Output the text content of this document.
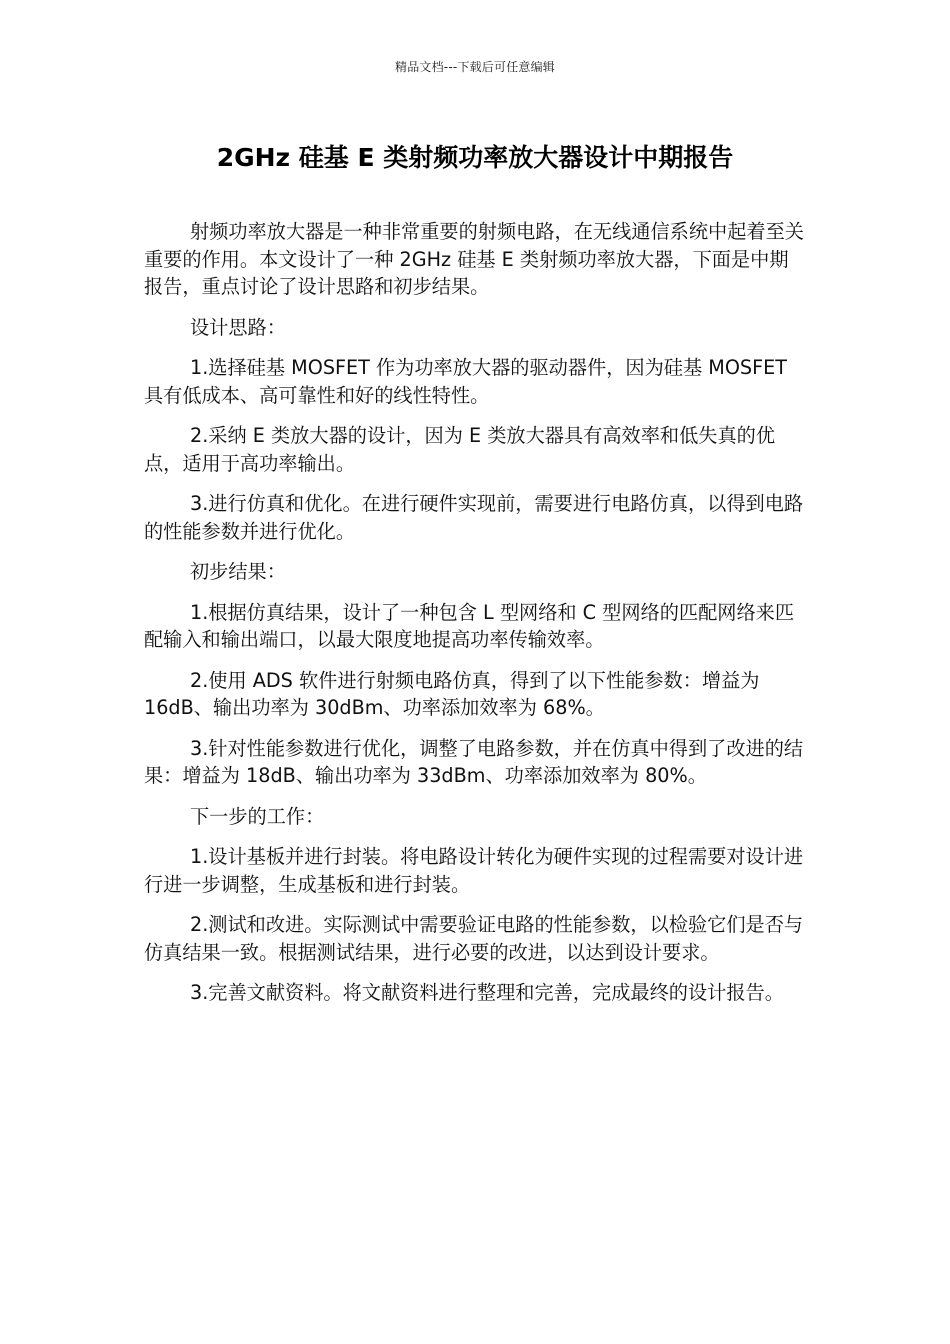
精品文档---下载后可任意编辑
2GHz 硅基 E 类射频功率放大器设计中期报告

射频功率放大器是一种非常重要的射频电路，在无线通信系统中起着至关重要的作用。本文设计了一种 2GHz 硅基 E 类射频功率放大器，下面是中期报告，重点讨论了设计思路和初步结果。

设计思路：

1.选择硅基 MOSFET 作为功率放大器的驱动器件，因为硅基 MOSFET 具有低成本、高可靠性和好的线性特性。

2.采纳 E 类放大器的设计，因为 E 类放大器具有高效率和低失真的优点，适用于高功率输出。

3.进行仿真和优化。在进行硬件实现前，需要进行电路仿真，以得到电路的性能参数并进行优化。

初步结果：

1.根据仿真结果，设计了一种包含 L 型网络和 C 型网络的匹配网络来匹配输入和输出端口，以最大限度地提高功率传输效率。

2.使用 ADS 软件进行射频电路仿真，得到了以下性能参数：增益为 16dB、输出功率为 30dBm、功率添加效率为 68%。

3.针对性能参数进行优化，调整了电路参数，并在仿真中得到了改进的结果：增益为 18dB、输出功率为 33dBm、功率添加效率为 80%。

下一步的工作：

1.设计基板并进行封装。将电路设计转化为硬件实现的过程需要对设计进行进一步调整，生成基板和进行封装。

2.测试和改进。实际测试中需要验证电路的性能参数，以检验它们是否与仿真结果一致。根据测试结果，进行必要的改进，以达到设计要求。

3.完善文献资料。将文献资料进行整理和完善，完成最终的设计报告。
